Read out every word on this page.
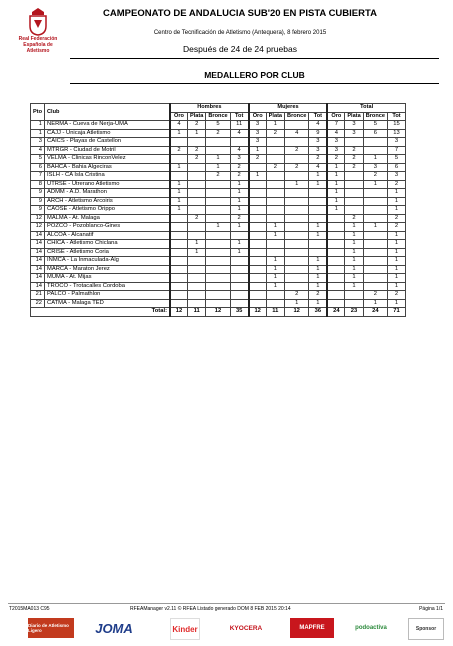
Real Federación Española de Atletismo
CAMPEONATO DE ANDALUCIA SUB'20 EN PISTA CUBIERTA
Centro de Tecnificación de Atletismo (Antequera), 8 febrero 2015
Después de 24 de 24 pruebas
MEDALLERO POR CLUB
Pto	Club	Hombres				Mujeres				Total			
		Oro	Plata	Bronce	Tot	Oro	Plata	Bronce	Tot	Oro	Plata	Bronce	Tot
1	NERMA - Cueva de Nerja-UMA	4	2	5	11	3	1		4	7	3	5	15
1	CAJJ - Unicaja Atletismo	1	1	2	4	3	2	4	9	4	3	6	13
3	CAICS - Playas de Castellon					3			3	3			3
4	MTRGR - Ciudad de Motril	2	2		4	1		2	3	3	2		7
5	VELMA - Clinicas RinconVelez		2	1	3	2			2	2	2	1	5
6	BAHCA - Bahia Algeciras	1		1	2		2	2	4	1	2	3	6
7	ISLH - CA Isla Cristina			2	2	1			1	1		2	3
8	UTRSE - Utrerano Atletismo	1			1			1	1	1		1	2
9	ADMM - A.D. Marathon	1			1					1			1
9	ARCH - Atletismo Arcoiris	1			1					1			1
9	CAOSE - Atletismo Orippo	1			1					1			1
12	MALMA - At. Malaga		2		2						2		2
12	POZCO - Pozoblanco-Gines			1	1		1		1		1	1	2
14	ALCOA - Alcanatif						1		1		1		1
14	CHICA - Atletismo Chiclana		1		1						1		1
14	CRISE - Atletismo Coria		1		1						1		1
14	INMCA - La Inmaculada-Alg						1		1		1		1
14	MARCA - Maraton Jerez						1		1		1		1
14	MUMA - At. Mijas						1		1		1		1
14	TROCO - Trotacalles Cordoba						1		1		1		1
21	PALCO - Palmathlon							2	2			2	2
22	CATMA - Malaga TED							1	1			1	1
Total:		12	11	12	35	12	11	12	36	24	23	24	71
T2015MA013 C95	RFEAManager v2.11 © RFEA Listado generado DOM 8 FEB 2015 20:14	Página 1/1
Diario de Atletismo Ligero	JOMA	Kinder	KYOCERA	MAPFRE	podoactiva	Sponsor
